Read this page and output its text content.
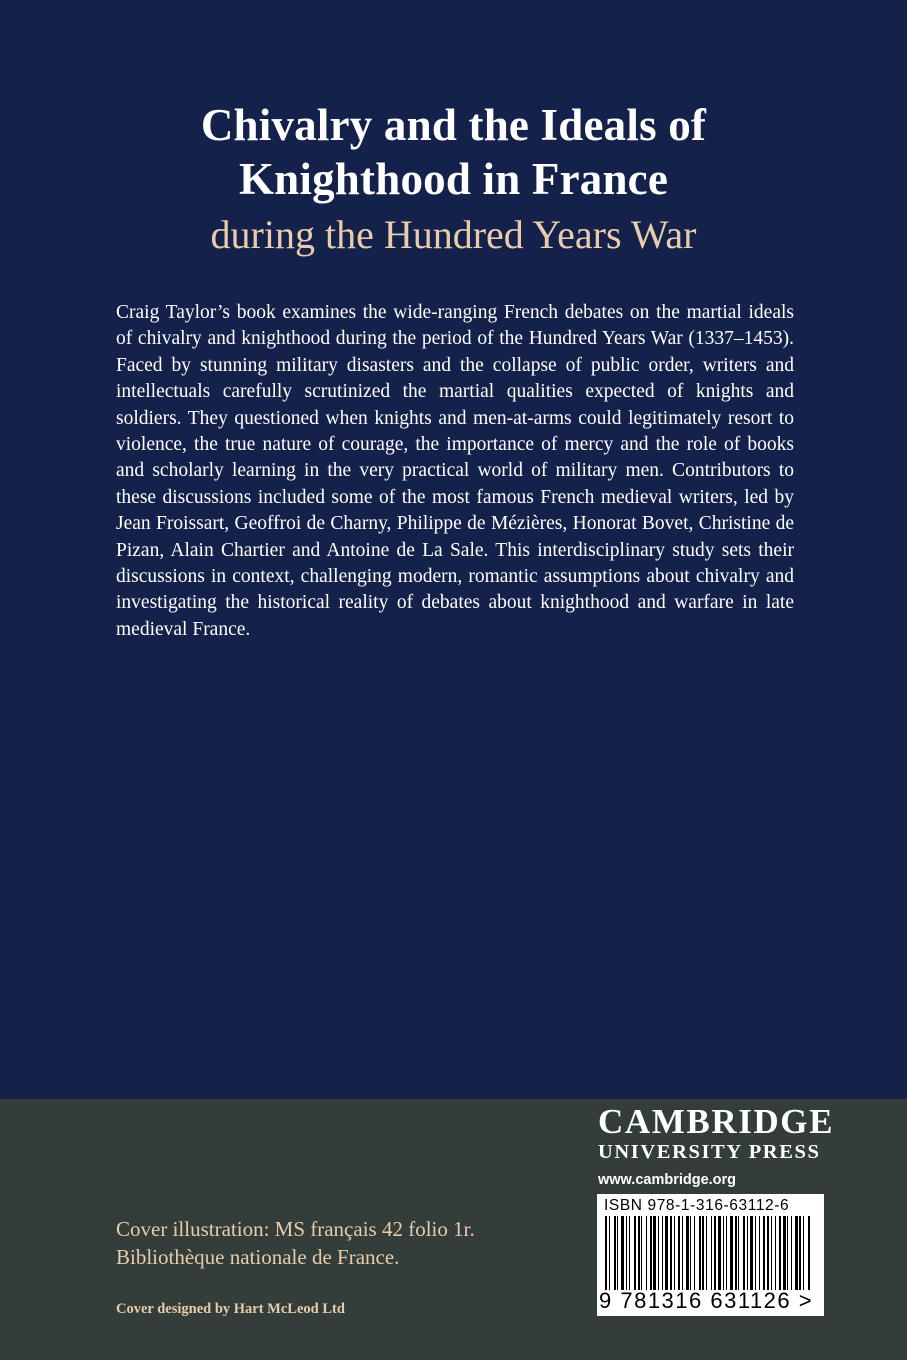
Chivalry and the Ideals of
Knighthood in France
during the Hundred Years War

Craig Taylor’s book examines the wide-ranging French debates on the martial ideals of chivalry and knighthood during the period of the Hundred Years War (1337–1453). Faced by stunning military disasters and the collapse of public order, writers and intellectuals carefully scrutinized the martial qualities expected of knights and soldiers. They questioned when knights and men-at-arms could legitimately resort to violence, the true nature of courage, the importance of mercy and the role of books and scholarly learning in the very practical world of military men. Contributors to these discussions included some of the most famous French medieval writers, led by Jean Froissart, Geoffroi de Charny, Philippe de Mézières, Honorat Bovet, Christine de Pizan, Alain Chartier and Antoine de La Sale. This interdisciplinary study sets their discussions in context, challenging modern, romantic assumptions about chivalry and investigating the historical reality of debates about knighthood and warfare in late medieval France.

Cover illustration: MS français 42 folio 1r.
Bibliothèque nationale de France.
Cover designed by Hart McLeod Ltd
CAMBRIDGE
UNIVERSITY PRESS
www.cambridge.org
ISBN 978-1-316-63112-6
9 781316 631126 >
